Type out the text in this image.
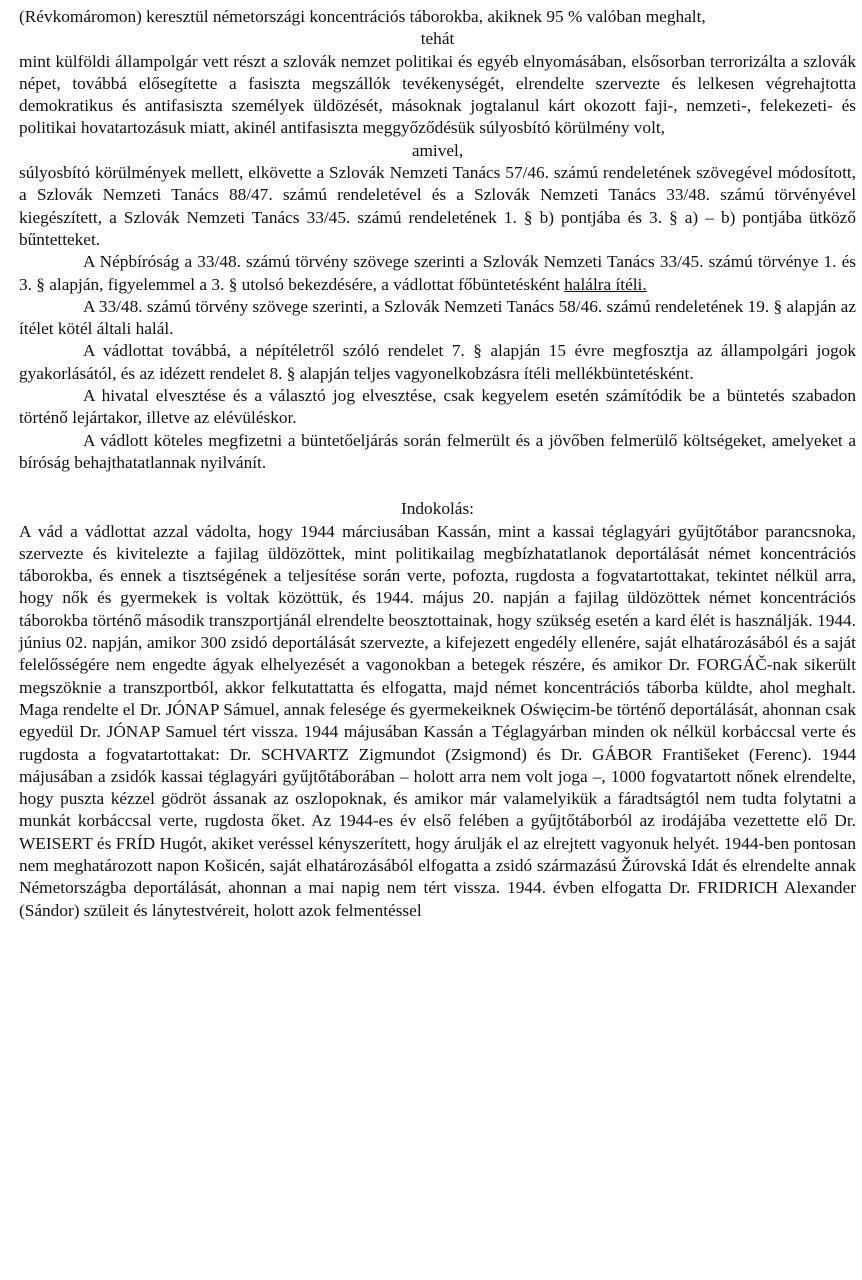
(Révkomáromon) keresztül németországi koncentrációs táborokba, akiknek 95 % valóban meghalt,

tehát

mint külföldi állampolgár vett részt a szlovák nemzet politikai és egyéb elnyomásában, elsősorban terrorizálta a szlovák népet, továbbá elősegítette a fasiszta megszállók tevékenységét, elrendelte szervezte és lelkesen végrehajtotta demokratikus és antifasiszta személyek üldözését, másoknak jogtalanul kárt okozott faji-, nemzeti-, felekezeti- és politikai hovatartozásuk miatt, akinél antifasiszta meggyőződésük súlyosbító körülmény volt,

amivel,

súlyosbító körülmények mellett, elkövette a Szlovák Nemzeti Tanács 57/46. számú rendeletének szövegével módosított, a Szlovák Nemzeti Tanács 88/47. számú rendeletével és a Szlovák Nemzeti Tanács 33/48. számú törvényével kiegészített, a Szlovák Nemzeti Tanács 33/45. számú rendeletének 1. § b) pontjába és 3. § a) – b) pontjába ütköző bűntetteket.

A Népbíróság a 33/48. számú törvény szövege szerinti a Szlovák Nemzeti Tanács 33/45. számú törvénye 1. és 3. § alapján, figyelemmel a 3. § utolsó bekezdésére, a vádlottat főbüntetésként halálra ítéli.

A 33/48. számú törvény szövege szerinti, a Szlovák Nemzeti Tanács 58/46. számú rendeletének 19. § alapján az ítélet kötél általi halál.

A vádlottat továbbá, a népítéletről szóló rendelet 7. § alapján 15 évre megfosztja az állampolgári jogok gyakorlásától, és az idézett rendelet 8. § alapján teljes vagyonelkobzásra ítéli mellékbüntetésként.

A hivatal elvesztése és a választó jog elvesztése, csak kegyelem esetén számítódik be a büntetés szabadon történő lejártakor, illetve az elévüléskor.

A vádlott köteles megfizetni a büntetőeljárás során felmerült és a jövőben felmerülő költségeket, amelyeket a bíróság behajthatatlannak nyilvánít.

Indokolás:

A vád a vádlottat azzal vádolta, hogy 1944 márciusában Kassán, mint a kassai téglagyári gyűjtőtábor parancsnoka, szervezte és kivitelezte a fajilag üldözöttek, mint politikailag megbízhatatlanok deportálását német koncentrációs táborokba, és ennek a tisztségének a teljesítése során verte, pofozta, rugdosta a fogvatartottakat, tekintet nélkül arra, hogy nők és gyermekek is voltak közöttük, és 1944. május 20. napján a fajilag üldözöttek német koncentrációs táborokba történő második transzportjánál elrendelte beosztottainak, hogy szükség esetén a kard élét is használják. 1944. június 02. napján, amikor 300 zsidó deportálását szervezte, a kifejezett engedély ellenére, saját elhatározásából és a saját felelősségére nem engedte ágyak elhelyezését a vagonokban a betegek részére, és amikor Dr. FORGÁČ-nak sikerült megszöknie a transzportból, akkor felkutattatta és elfogatta, majd német koncentrációs táborba küldte, ahol meghalt. Maga rendelte el Dr. JÓNAP Sámuel, annak felesége és gyermekeiknek Oświęcim-be történő deportálását, ahonnan csak egyedül Dr. JÓNAP Samuel tért vissza. 1944 májusában Kassán a Téglagyárban minden ok nélkül korbáccsal verte és rugdosta a fogvatartottakat: Dr. SCHVARTZ Zigmundot (Zsigmond) és Dr. GÁBOR Františeket (Ferenc). 1944 májusában a zsidók kassai téglagyári gyűjtőtáborában – holott arra nem volt joga –, 1000 fogvatartott nőnek elrendelte, hogy puszta kézzel gödröt ássanak az oszlopoknak, és amikor már valamelyikük a fáradtságtól nem tudta folytatni a munkát korbáccsal verte, rugdosta őket. Az 1944-es év első felében a gyűjtőtáborból az irodájába vezettette elő Dr. WEISERT és FRÍD Hugót, akiket veréssel kényszerített, hogy árulják el az elrejtett vagyonuk helyét. 1944-ben pontosan nem meghatározott napon Košicén, saját elhatározásából elfogatta a zsidó származású Žúrovská Idát és elrendelte annak Németországba deportálását, ahonnan a mai napig nem tért vissza. 1944. évben elfogatta Dr. FRIDRICH Alexander (Sándor) szüleit és lánytestvéreit, holott azok felmentéssel
